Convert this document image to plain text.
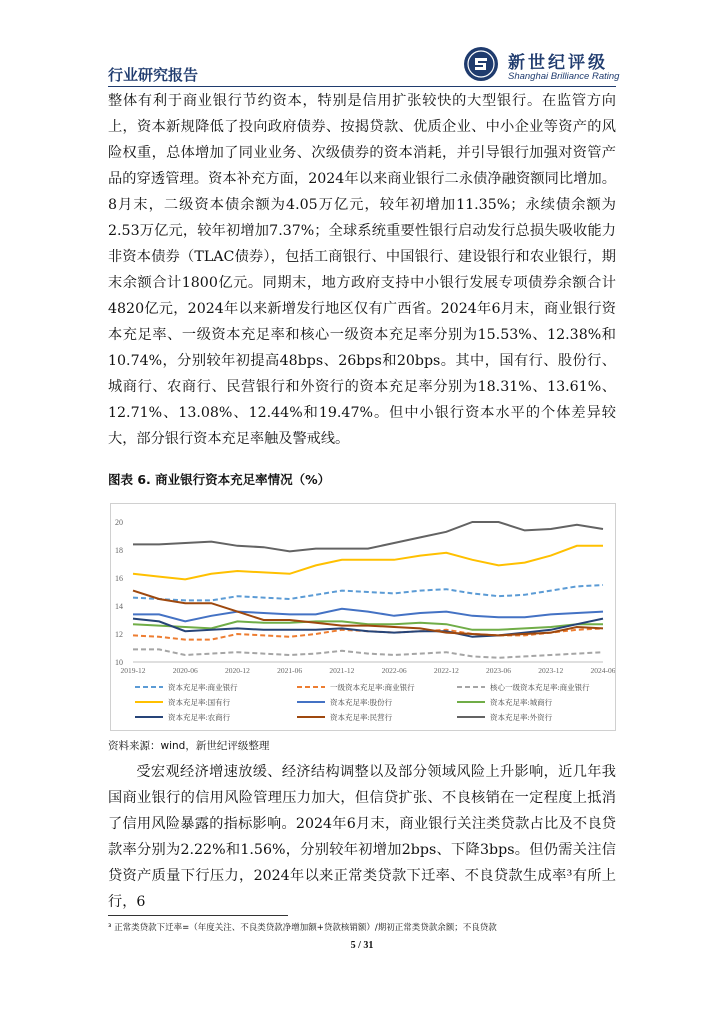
行业研究报告
新世纪评级
Shanghai Brilliance Rating

整体有利于商业银行节约资本，特别是信用扩张较快的大型银行。在监管方向上，资本新规降低了投向政府债券、按揭贷款、优质企业、中小企业等资产的风险权重，总体增加了同业业务、次级债券的资本消耗，并引导银行加强对资管产品的穿透管理。资本补充方面，2024年以来商业银行二永债净融资额同比增加。8月末，二级资本债余额为4.05万亿元，较年初增加11.35%；永续债余额为2.53万亿元，较年初增加7.37%；全球系统重要性银行启动发行总损失吸收能力非资本债券（TLAC债券），包括工商银行、中国银行、建设银行和农业银行，期末余额合计1800亿元。同期末，地方政府支持中小银行发展专项债券余额合计4820亿元，2024年以来新增发行地区仅有广西省。2024年6月末，商业银行资本充足率、一级资本充足率和核心一级资本充足率分别为15.53%、12.38%和10.74%，分别较年初提高48bps、26bps和20bps。其中，国有行、股份行、城商行、农商行、民营银行和外资行的资本充足率分别为18.31%、13.61%、12.71%、13.08%、12.44%和19.47%。但中小银行资本水平的个体差异较大，部分银行资本充足率触及警戒线。

图表 6. 商业银行资本充足率情况（%）
10
12
14
16
18
20
2019-12	2020-06	2020-12	2021-06	2021-12	2022-06	2022-12	2023-06	2023-12	2024-06
资本充足率:商业银行	一级资本充足率:商业银行	核心一级资本充足率:商业银行
资本充足率:国有行	资本充足率:股份行	资本充足率:城商行
资本充足率:农商行	资本充足率:民营行	资本充足率:外资行
资料来源：wind，新世纪评级整理

受宏观经济增速放缓、经济结构调整以及部分领域风险上升影响，近几年我国商业银行的信用风险管理压力加大，但信贷扩张、不良核销在一定程度上抵消了信用风险暴露的指标影响。2024年6月末，商业银行关注类贷款占比及不良贷款率分别为2.22%和1.56%，分别较年初增加2bps、下降3bps。但仍需关注信贷资产质量下行压力，2024年以来正常类贷款下迁率、不良贷款生成率³有所上行，6

³ 正常类贷款下迁率=（年度关注、不良类贷款净增加额+贷款核销额）/期初正常类贷款余额；不良贷款
5 / 31
